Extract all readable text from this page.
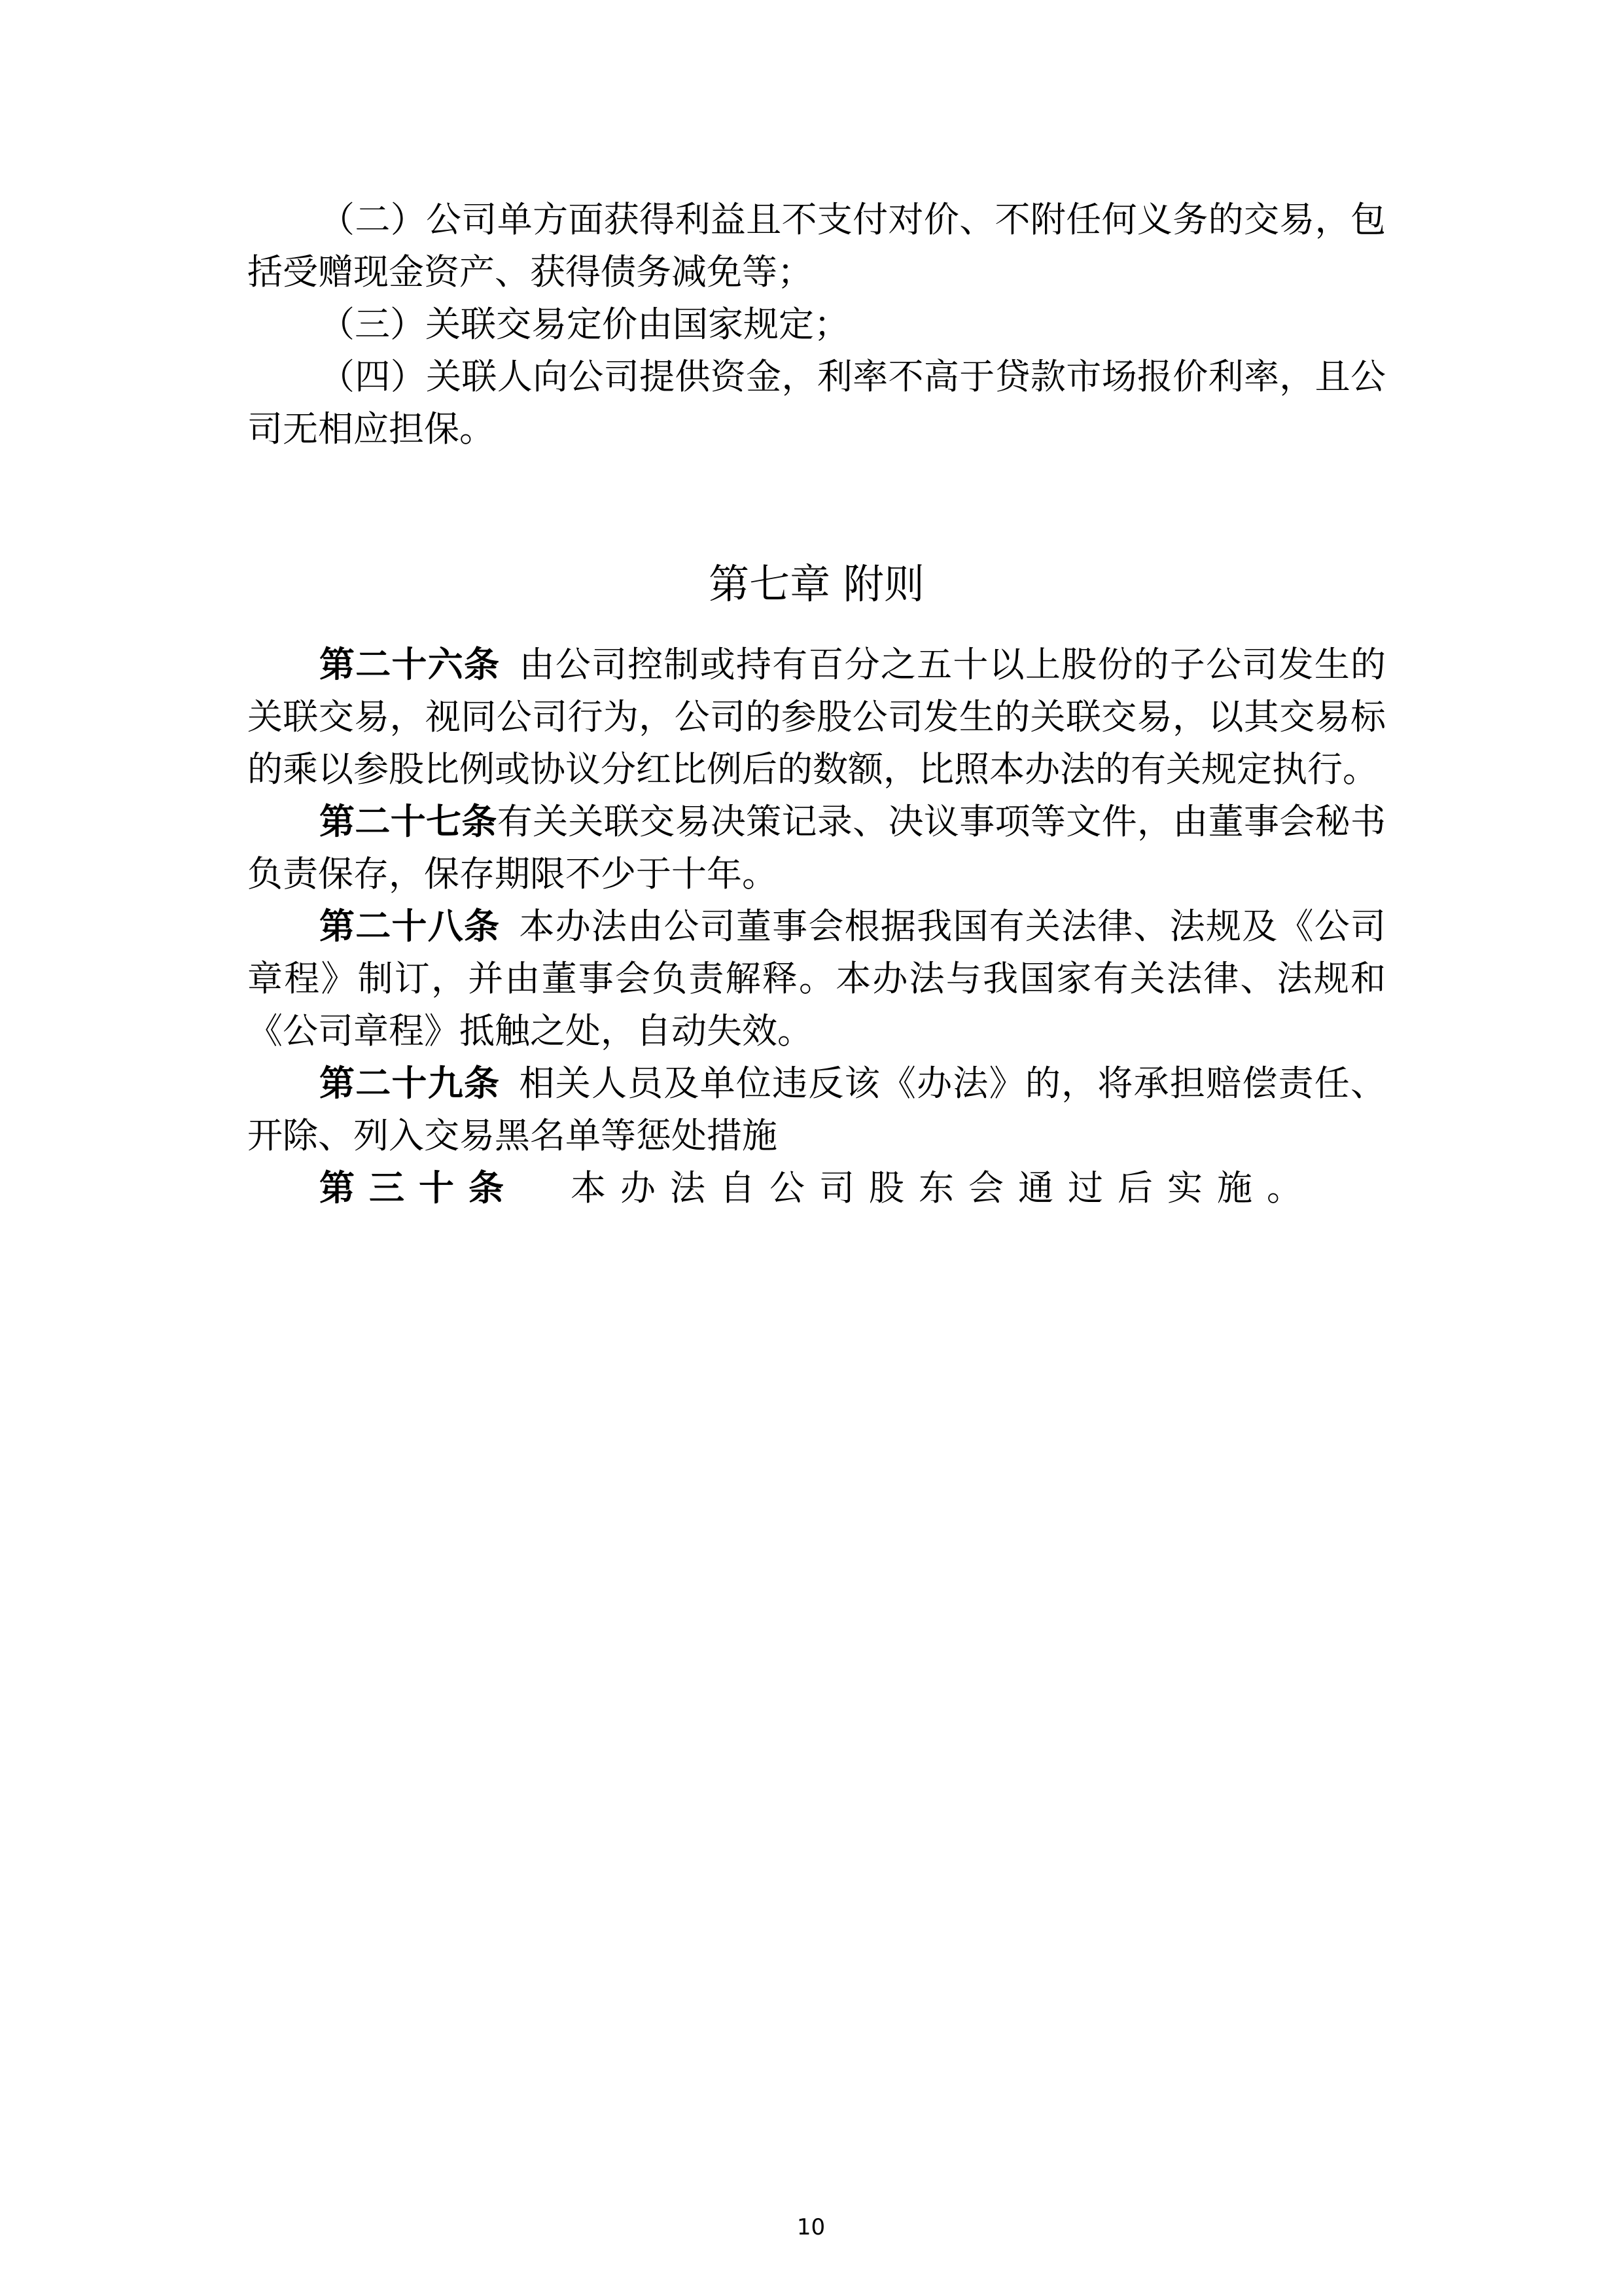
（二）公司单方面获得利益且不支付对价、不附任何义务的交易，包括受赠现金资产、获得债务减免等；

（三）关联交易定价由国家规定；

（四）关联人向公司提供资金，利率不高于贷款市场报价利率，且公司无相应担保。

第七章 附则

第二十六条 由公司控制或持有百分之五十以上股份的子公司发生的关联交易，视同公司行为，公司的参股公司发生的关联交易，以其交易标的乘以参股比例或协议分红比例后的数额，比照本办法的有关规定执行。

第二十七条有关关联交易决策记录、决议事项等文件，由董事会秘书负责保存，保存期限不少于十年。

第二十八条 本办法由公司董事会根据我国有关法律、法规及《公司章程》制订，并由董事会负责解释。本办法与我国家有关法律、法规和《公司章程》抵触之处，自动失效。

第二十九条 相关人员及单位违反该《办法》的，将承担赔偿责任、开除、列入交易黑名单等惩处措施

第三十条 本办法自公司股东会通过后实施。

10
